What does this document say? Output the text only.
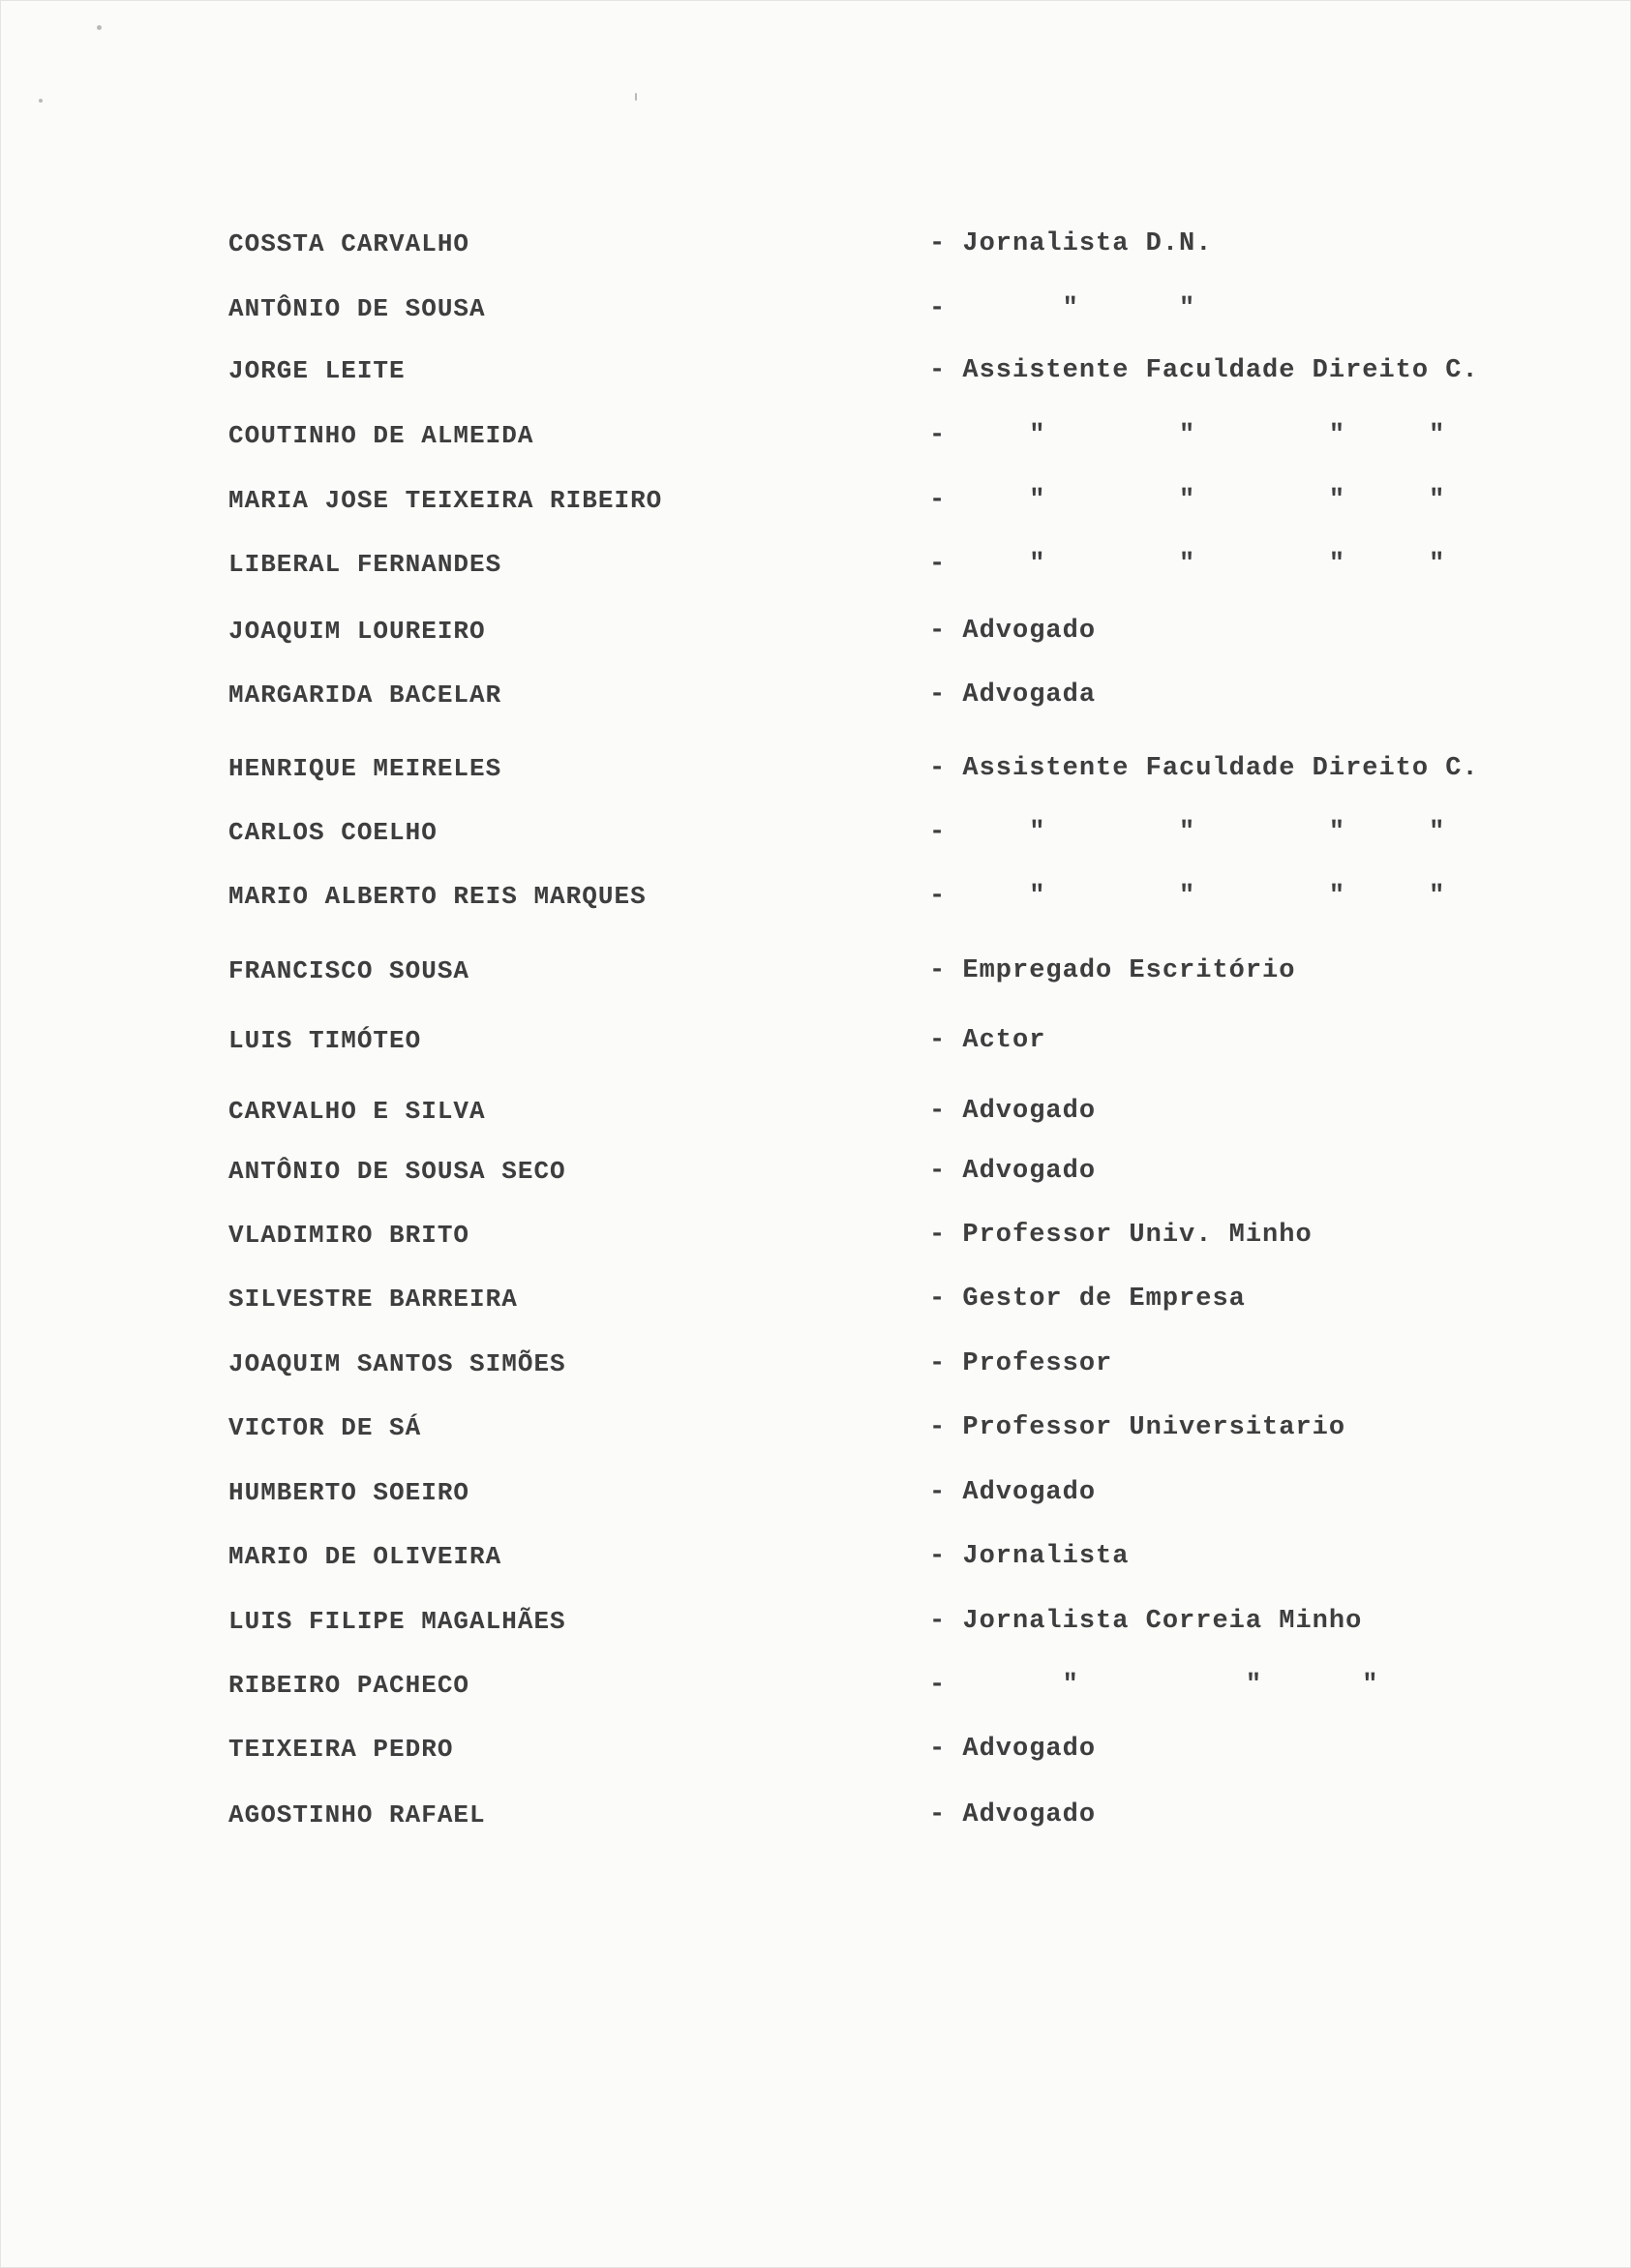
COSSTA CARVALHO	- Jornalista D.N.
ANTÔNIO DE SOUSA	-       "      "
JORGE LEITE	- Assistente Faculdade Direito C.
COUTINHO DE ALMEIDA	-     "        "        "     "
MARIA JOSE TEIXEIRA RIBEIRO	-     "        "        "     "
LIBERAL FERNANDES	-     "        "        "     "
JOAQUIM LOUREIRO	- Advogado
MARGARIDA BACELAR	- Advogada
HENRIQUE MEIRELES	- Assistente Faculdade Direito C.
CARLOS COELHO	-     "        "        "     "
MARIO ALBERTO REIS MARQUES	-     "        "        "     "
FRANCISCO SOUSA	- Empregado Escritório
LUIS TIMÓTEO	- Actor
CARVALHO E SILVA	- Advogado
ANTÔNIO DE SOUSA SECO	- Advogado
VLADIMIRO BRITO	- Professor Univ. Minho
SILVESTRE BARREIRA	- Gestor de Empresa
JOAQUIM SANTOS SIMÕES	- Professor
VICTOR DE SÁ	- Professor Universitario
HUMBERTO SOEIRO	- Advogado
MARIO DE OLIVEIRA	- Jornalista
LUIS FILIPE MAGALHÃES	- Jornalista Correia Minho
RIBEIRO PACHECO	-       "          "      "
TEIXEIRA PEDRO	- Advogado
AGOSTINHO RAFAEL	- Advogado
